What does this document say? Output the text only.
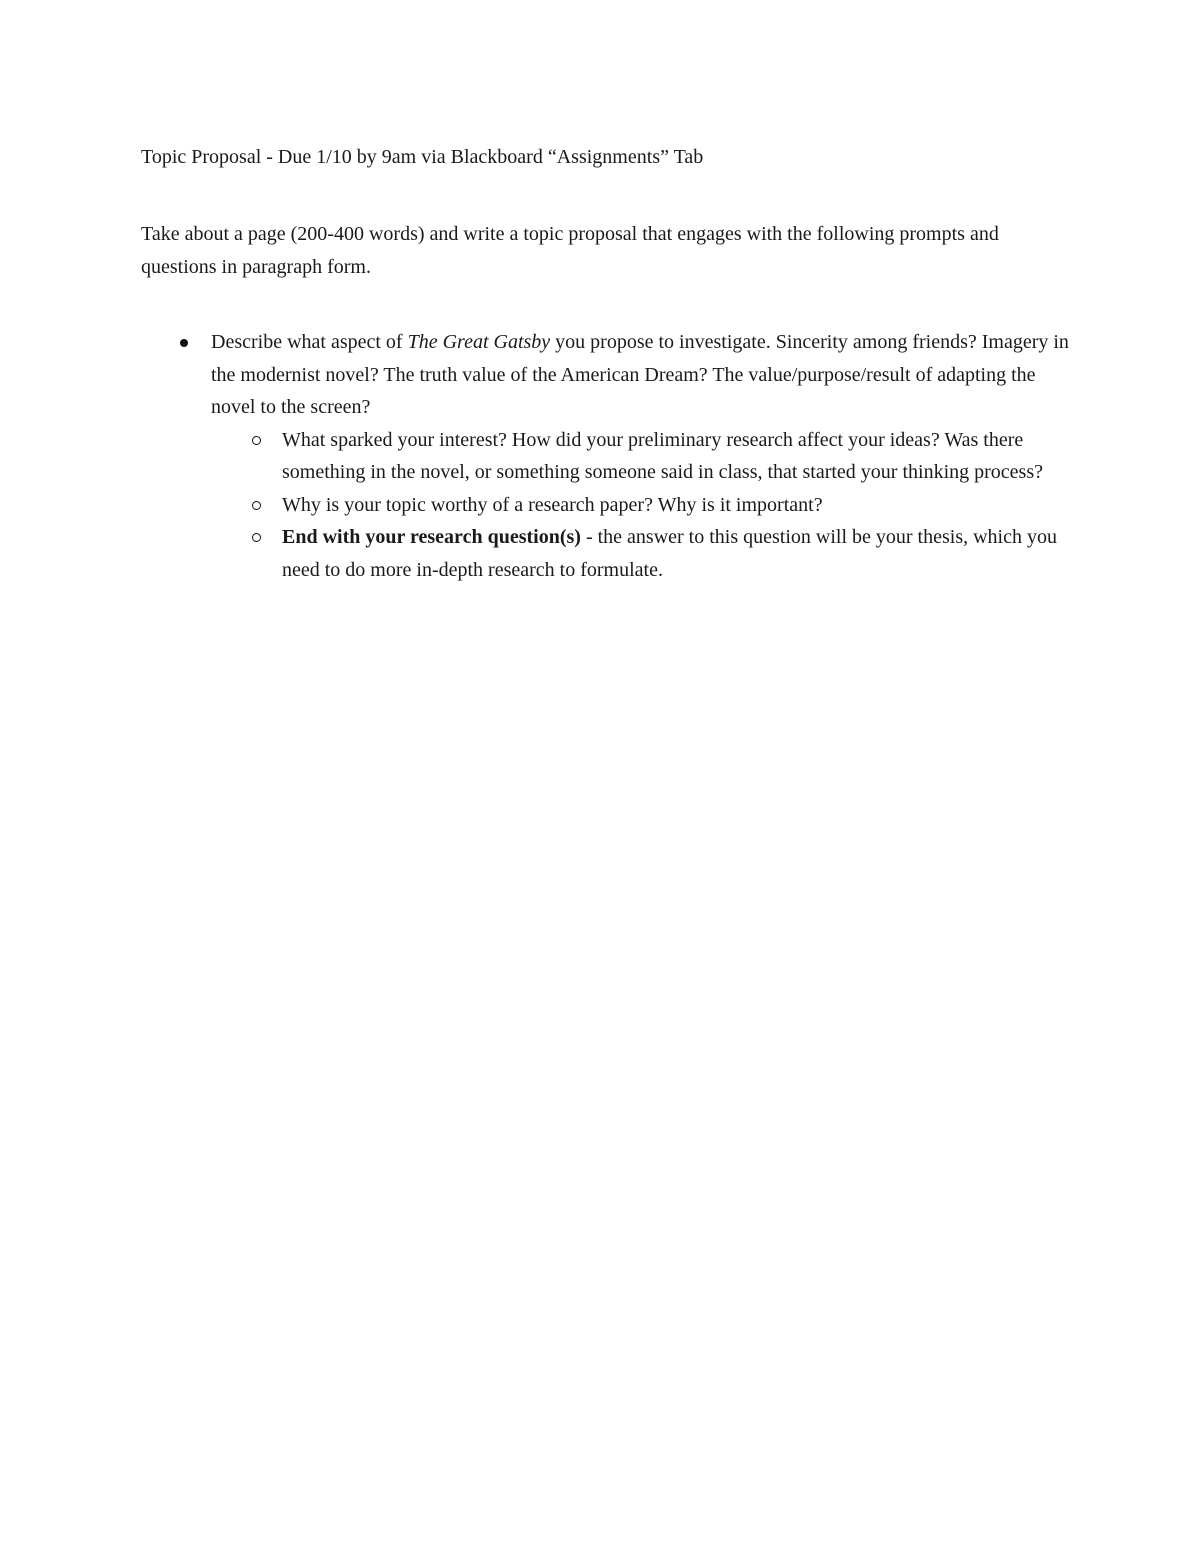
Topic Proposal - Due 1/10 by 9am via Blackboard “Assignments” Tab

Take about a page (200-400 words) and write a topic proposal that engages with the following prompts and questions in paragraph form.

Describe what aspect of The Great Gatsby you propose to investigate. Sincerity among friends? Imagery in the modernist novel? The truth value of the American Dream? The value/purpose/result of adapting the novel to the screen?
What sparked your interest? How did your preliminary research affect your ideas? Was there something in the novel, or something someone said in class, that started your thinking process?
Why is your topic worthy of a research paper? Why is it important?
End with your research question(s) - the answer to this question will be your thesis, which you need to do more in-depth research to formulate.
